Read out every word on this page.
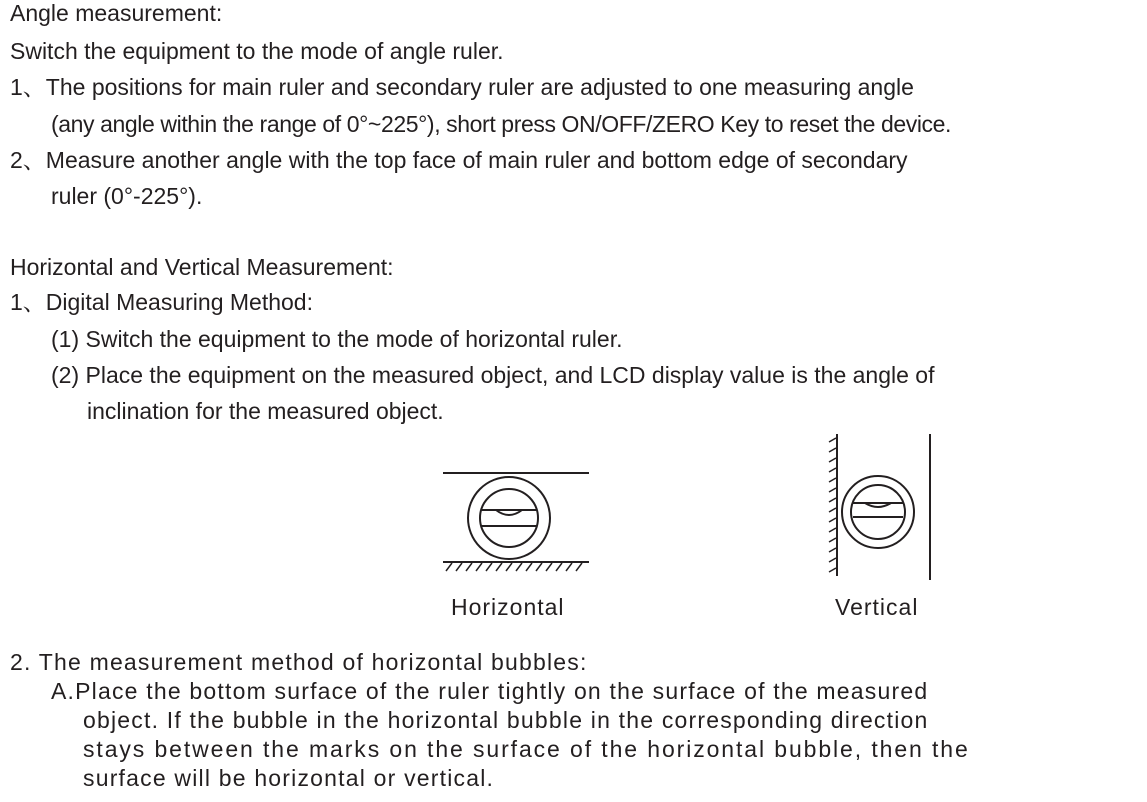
Angle measurement:
Switch the equipment to the mode of angle ruler.
1、The positions for main ruler and secondary ruler are adjusted to one measuring angle
(any angle within the range of 0°~225°), short press ON/OFF/ZERO Key to reset the device.
2、Measure another angle with the top face of main ruler and bottom edge of secondary
ruler (0°-225°).
Horizontal and Vertical Measurement:
1、Digital Measuring Method:
(1) Switch the equipment to the mode of horizontal ruler.
(2) Place the equipment on the measured object, and LCD display value is the angle of
inclination for the measured object.
Horizontal	Vertical
2. The measurement method of horizontal bubbles:
A.Place the bottom surface of the ruler tightly on the surface of the measured
object. If the bubble in the horizontal bubble in the corresponding direction
stays between the marks on the surface of the horizontal bubble, then the
surface will be horizontal or vertical.
